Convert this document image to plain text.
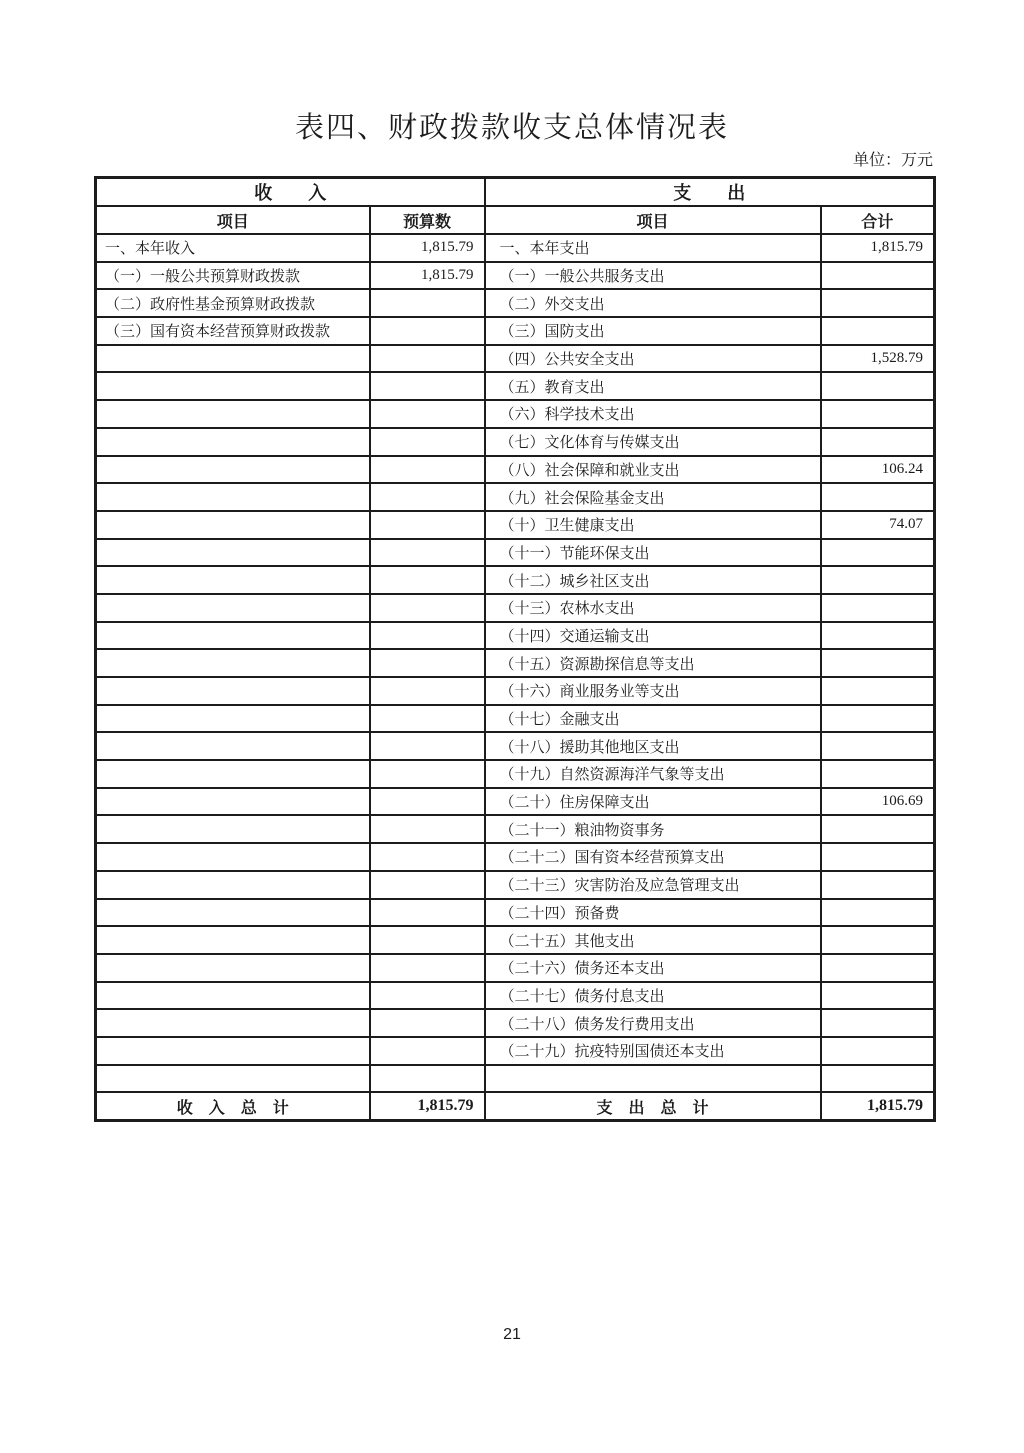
表四、财政拨款收支总体情况表
单位：万元
收　　入		支　　出	
项目	预算数	项目	合计
一、本年收入	1,815.79	一、本年支出	1,815.79
（一）一般公共预算财政拨款	1,815.79	（一）一般公共服务支出	
（二）政府性基金预算财政拨款		（二）外交支出	
（三）国有资本经营预算财政拨款		（三）国防支出	
		（四）公共安全支出	1,528.79
		（五）教育支出	
		（六）科学技术支出	
		（七）文化体育与传媒支出	
		（八）社会保障和就业支出	106.24
		（九）社会保险基金支出	
		（十）卫生健康支出	74.07
		（十一）节能环保支出	
		（十二）城乡社区支出	
		（十三）农林水支出	
		（十四）交通运输支出	
		（十五）资源勘探信息等支出	
		（十六）商业服务业等支出	
		（十七）金融支出	
		（十八）援助其他地区支出	
		（十九）自然资源海洋气象等支出	
		（二十）住房保障支出	106.69
		（二十一）粮油物资事务	
		（二十二）国有资本经营预算支出	
		（二十三）灾害防治及应急管理支出	
		（二十四）预备费	
		（二十五）其他支出	
		（二十六）债务还本支出	
		（二十七）债务付息支出	
		（二十八）债务发行费用支出	
		（二十九）抗疫特别国债还本支出	

收　入　总　计	1,815.79	支　出　总　计	1,815.79
21
